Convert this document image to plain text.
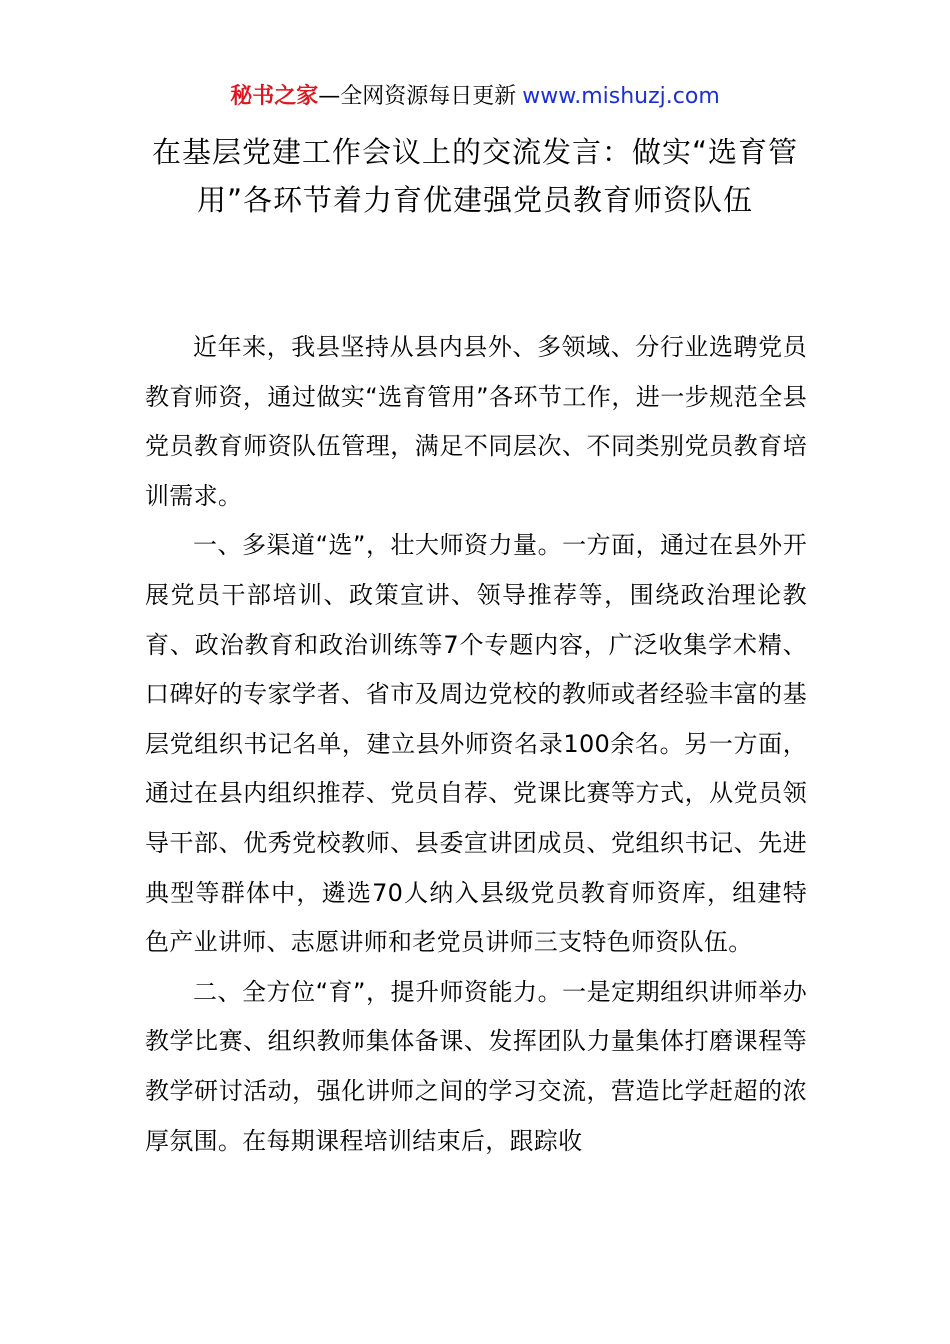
秘书之家—全网资源每日更新 www.mishuzj.com
在基层党建工作会议上的交流发言：做实“选育管用”各环节着力育优建强党员教育师资队伍

近年来，我县坚持从县内县外、多领域、分行业选聘党员教育师资，通过做实“选育管用”各环节工作，进一步规范全县党员教育师资队伍管理，满足不同层次、不同类别党员教育培训需求。

一、多渠道“选”，壮大师资力量。一方面，通过在县外开展党员干部培训、政策宣讲、领导推荐等，围绕政治理论教育、政治教育和政治训练等7个专题内容，广泛收集学术精、口碑好的专家学者、省市及周边党校的教师或者经验丰富的基层党组织书记名单，建立县外师资名录100余名。另一方面，通过在县内组织推荐、党员自荐、党课比赛等方式，从党员领导干部、优秀党校教师、县委宣讲团成员、党组织书记、先进典型等群体中，遴选70人纳入县级党员教育师资库，组建特色产业讲师、志愿讲师和老党员讲师三支特色师资队伍。

二、全方位“育”，提升师资能力。一是定期组织讲师举办教学比赛、组织教师集体备课、发挥团队力量集体打磨课程等教学研讨活动，强化讲师之间的学习交流，营造比学赶超的浓厚氛围。在每期课程培训结束后，跟踪收
